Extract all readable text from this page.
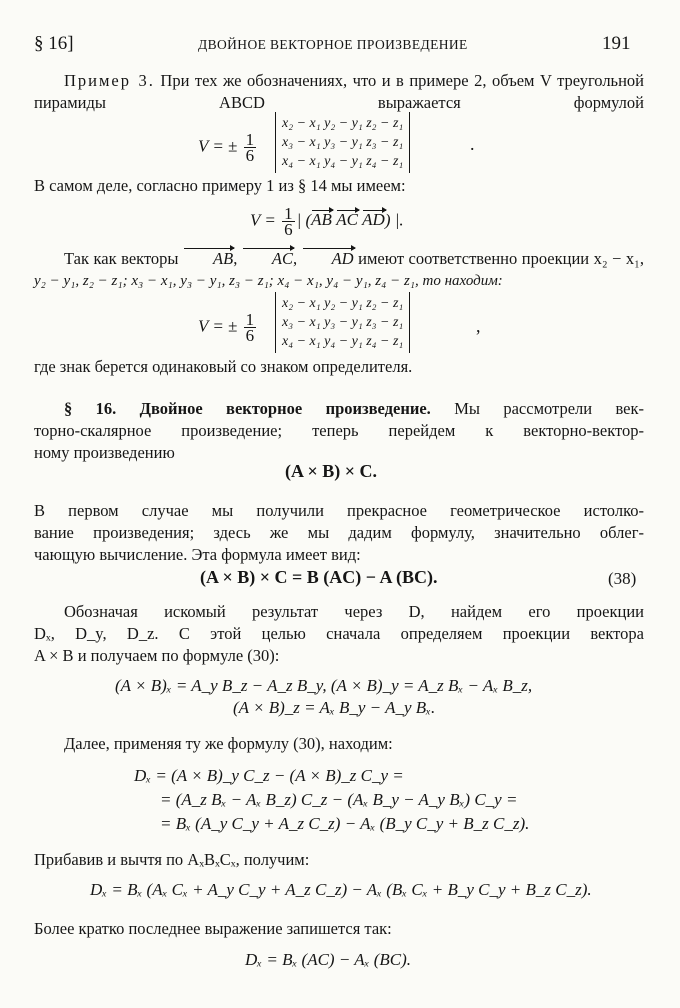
§ 16]	ДВОЙНОЕ ВЕКТОРНОЕ ПРОИЗВЕДЕНИЕ	191
Пример 3. При тех же обозначениях, что и в примере 2, объем V треугольной пирамиды ABCD выражается формулой
V = ± $\frac{1}{6}$
x₂ − x₁ y₂ − y₁ z₂ − z₁
x₃ − x₁ y₃ − y₁ z₃ − z₁
x₄ − x₁ y₄ − y₁ z₄ − z₁
.
В самом деле, согласно примеру 1 из § 14 мы имеем:
$V = \frac{1}{6}$ | (AB AC AD) |.
Так как векторы AB, AC, AD имеют соответственно проекции x₂ − x₁,
y₂ − y₁, z₂ − z₁; x₃ − x₁, y₃ − y₁, z₃ − z₁; x₄ − x₁, y₄ − y₁, z₄ − z₁, то находим:
V = ± $\frac{1}{6}$
x₂ − x₁ y₂ − y₁ z₂ − z₁
x₃ − x₁ y₃ − y₁ z₃ − z₁
x₄ − x₁ y₄ − y₁ z₄ − z₁
,
где знак берется одинаковый со знаком определителя.
§ 16. Двойное векторное произведение. Мы рассмотрели век-
торно-скалярное произведение; теперь перейдем к векторно-вектор-
ному произведению
(A × B) × C.
В первом случае мы получили прекрасное геометрическое истолко-
вание произведения; здесь же мы дадим формулу, значительно облег-
чающую вычисление. Эта формула имеет вид:
(A × B) × C = B (AC) − A (BC).	(38)
Обозначая искомый результат через D, найдем его проекции
Dₓ, D_y, D_z. С этой целью сначала определяем проекции вектора
A × B и получаем по формуле (30):
(A × B)ₓ = A_y B_z − A_z B_y, (A × B)_y = A_z Bₓ − Aₓ B_z,
(A × B)_z = Aₓ B_y − A_y Bₓ.
Далее, применяя ту же формулу (30), находим:
Dₓ = (A × B)_y C_z − (A × B)_z C_y =
= (A_z Bₓ − Aₓ B_z) C_z − (Aₓ B_y − A_y Bₓ) C_y =
= Bₓ (A_y C_y + A_z C_z) − Aₓ (B_y C_y + B_z C_z).
Прибавив и вычтя по AₓBₓCₓ, получим:
Dₓ = Bₓ (Aₓ Cₓ + A_y C_y + A_z C_z) − Aₓ (Bₓ Cₓ + B_y C_y + B_z C_z).
Более кратко последнее выражение запишется так:
Dₓ = Bₓ (AC) − Aₓ (BC).
